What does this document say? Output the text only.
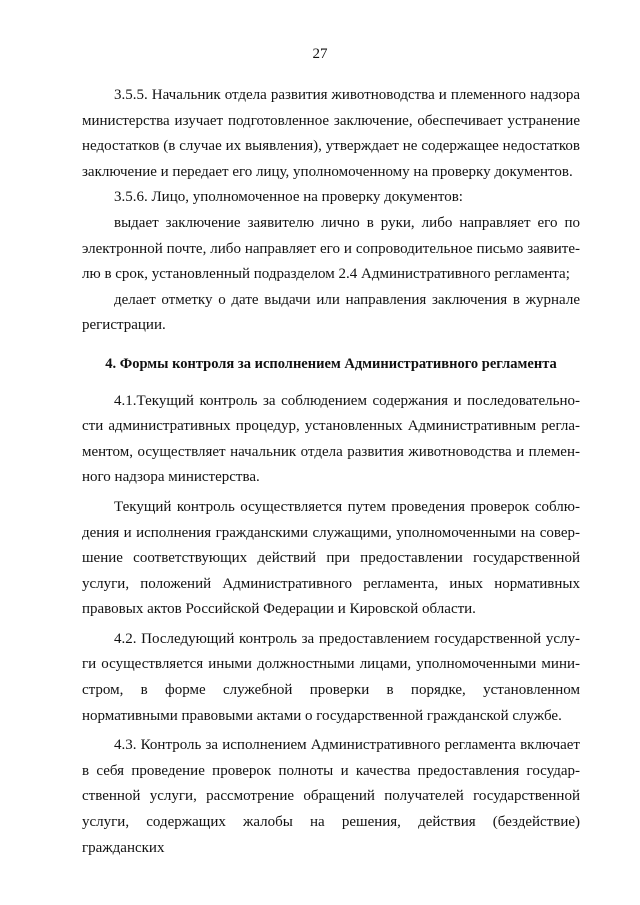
27

3.5.5. Начальник отдела развития животноводства и племенного надзора министерства изучает подготовленное заключение, обеспечивает устранение недостатков (в случае их выявления), утверждает не содержащее недостатков заключение и передает его лицу, уполномоченному на проверку документов.

3.5.6. Лицо, уполномоченное на проверку документов:

выдает заключение заявителю лично в руки, либо направляет его по электронной почте, либо направляет его и сопроводительное письмо заявителю в срок, установленный подразделом 2.4 Административного регламента;

делает отметку о дате выдачи или направления заключения в журнале регистрации.

4. Формы контроля за исполнением Административного регламента

4.1.Текущий контроль за соблюдением содержания и последовательности административных процедур, установленных Административным регламентом, осуществляет начальник отдела развития животноводства и племенного надзора министерства.

Текущий контроль осуществляется путем проведения проверок соблюдения и исполнения гражданскими служащими, уполномоченными на совершение соответствующих действий при предоставлении государственной услуги, положений Административного регламента, иных нормативных правовых актов Российской Федерации и Кировской области.

4.2. Последующий контроль за предоставлением государственной услуги осуществляется иными должностными лицами, уполномоченными министром, в форме служебной проверки в порядке, установленном нормативными правовыми актами о государственной гражданской службе.

4.3. Контроль за исполнением Административного регламента включает в себя проведение проверок полноты и качества предоставления государственной услуги, рассмотрение обращений получателей государственной услуги, содержащих жалобы на решения, действия (бездействие) гражданских
